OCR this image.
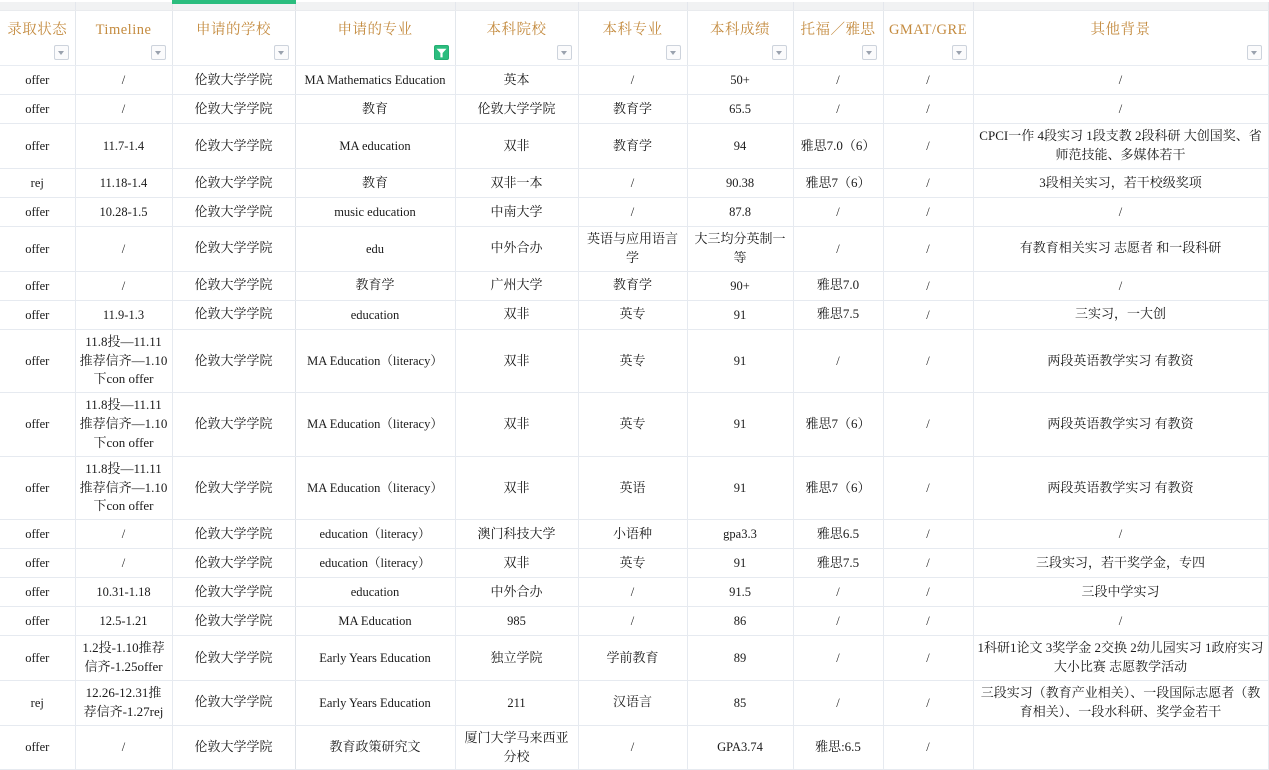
录取状态	Timeline	申请的学校	申请的专业	本科院校	本科专业	本科成绩	托福／雅思	GMAT/GRE	其他背景

offer	/	伦敦大学学院	MA Mathematics Education	英本	/	50+	/	/	/
offer	/	伦敦大学学院	教育	伦敦大学学院	教育学	65.5	/	/	/
offer	11.7-1.4	伦敦大学学院	MA education	双非	教育学	94	雅思7.0（6）	/	CPCI一作 4段实习 1段支教 2段科研 大创国奖、省师范技能、多媒体若干
rej	11.18-1.4	伦敦大学学院	教育	双非一本	/	90.38	雅思7（6）	/	3段相关实习，若干校级奖项
offer	10.28-1.5	伦敦大学学院	music education	中南大学	/	87.8	/	/	/
offer	/	伦敦大学学院	edu	中外合办	英语与应用语言学	大三均分英制一等	/	/	有教育相关实习 志愿者 和一段科研
offer	/	伦敦大学学院	教育学	广州大学	教育学	90+	雅思7.0	/	/
offer	11.9-1.3	伦敦大学学院	education	双非	英专	91	雅思7.5	/	三实习，一大创
offer	11.8投—11.11推荐信齐—1.10下con offer	伦敦大学学院	MA Education（literacy）	双非	英专	91	/	/	两段英语教学实习 有教资
offer	11.8投—11.11推荐信齐—1.10下con offer	伦敦大学学院	MA Education（literacy）	双非	英专	91	雅思7（6）	/	两段英语教学实习 有教资
offer	11.8投—11.11推荐信齐—1.10下con offer	伦敦大学学院	MA Education（literacy）	双非	英语	91	雅思7（6）	/	两段英语教学实习 有教资
offer	/	伦敦大学学院	education（literacy）	澳门科技大学	小语种	gpa3.3	雅思6.5	/	/
offer	/	伦敦大学学院	education（literacy）	双非	英专	91	雅思7.5	/	三段实习，若干奖学金，专四
offer	10.31-1.18	伦敦大学学院	education	中外合办	/	91.5	/	/	三段中学实习
offer	12.5-1.21	伦敦大学学院	MA Education	985	/	86	/	/	/
offer	1.2投-1.10推荐信齐-1.25offer	伦敦大学学院	Early Years Education	独立学院	学前教育	89	/	/	1科研1论文 3奖学金 2交换 2幼儿园实习 1政府实习 大小比赛 志愿教学活动
rej	12.26-12.31推荐信齐-1.27rej	伦敦大学学院	Early Years Education	211	汉语言	85	/	/	三段实习（教育产业相关）、一段国际志愿者（教育相关）、一段水科研、奖学金若干
offer	/	伦敦大学学院	教育政策研究文	厦门大学马来西亚分校	/	GPA3.74	雅思:6.5	/	
